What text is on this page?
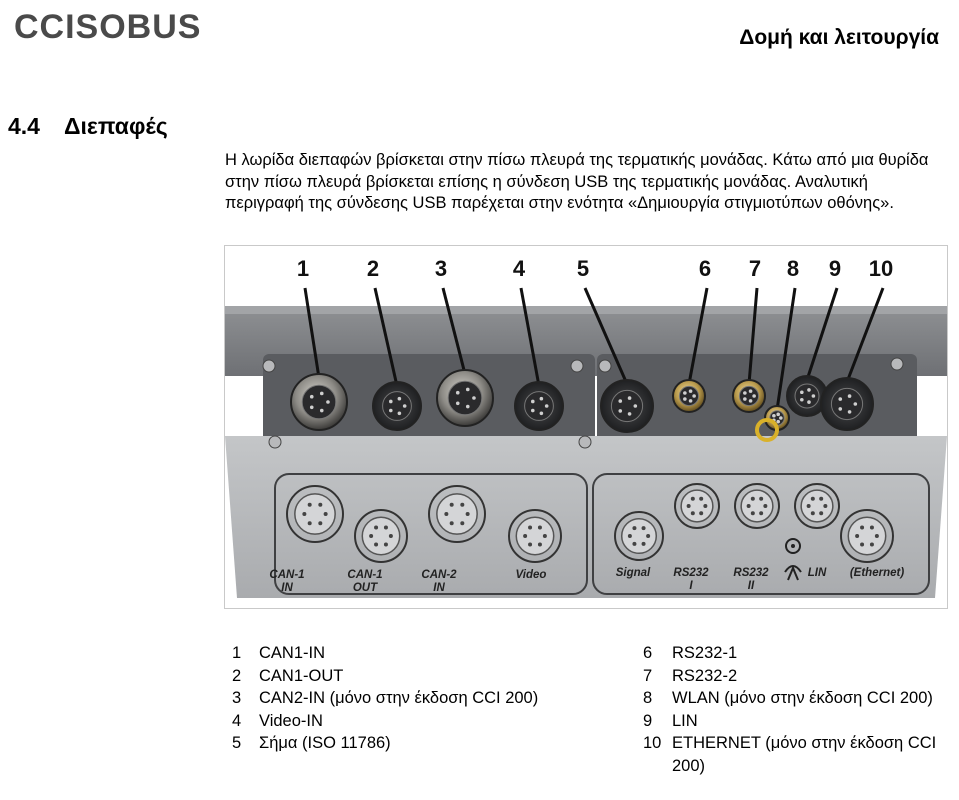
CCISOBUS	Δομή και λειτουργία
4.4 Διεπαφές

Η λωρίδα διεπαφών βρίσκεται στην πίσω πλευρά της τερματικής μονάδας. Κάτω από μια θυρίδα στην πίσω πλευρά βρίσκεται επίσης η σύνδεση USB της τερματικής μονάδας. Αναλυτική περιγραφή της σύνδεσης USB παρέχεται στην ενότητα «Δημιουργία στιγμιοτύπων οθόνης».

1	2	3	4 5	6 7 8 9 10
CAN-1
IN
CAN-1
OUT
CAN-2
IN
Video	Signal RS232
I
RS232
II
LIN (Ethernet)
1	CAN1-IN
2	CAN1-OUT
3	CAN2-IN (μόνο στην έκδοση CCI 200)
4	Video-IN
5	Σήμα (ISO 11786)
6	RS232-1
7	RS232-2
8	WLAN (μόνο στην έκδοση CCI 200)
9	LIN
10 ETHERNET (μόνο στην έκδοση CCI 200)
